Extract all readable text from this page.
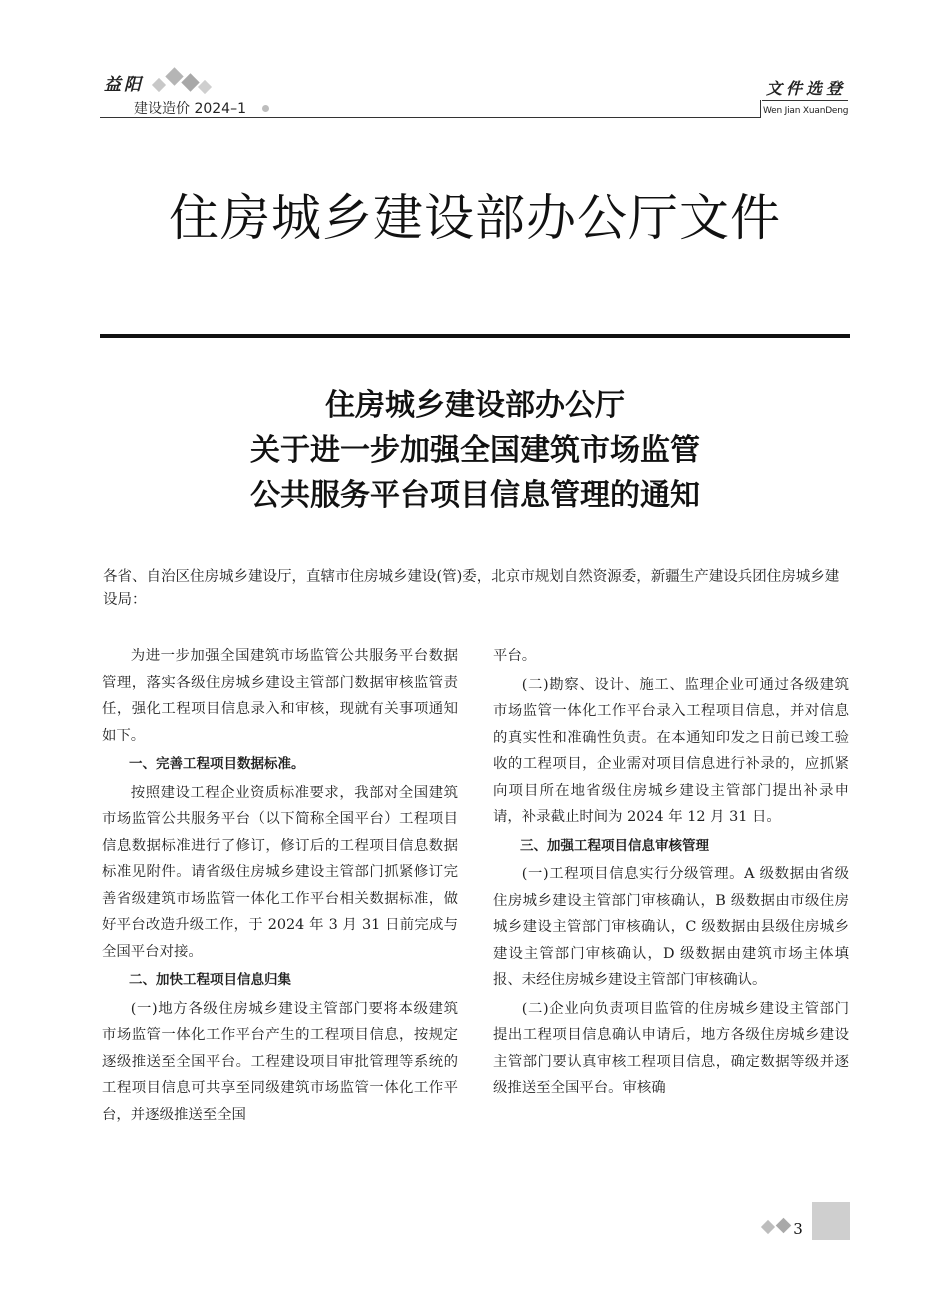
益阳
建设造价 2024–1
文件选登
Wen Jian XuanDeng
住房城乡建设部办公厅文件
住房城乡建设部办公厅
关于进一步加强全国建筑市场监管
公共服务平台项目信息管理的通知
各省、自治区住房城乡建设厅，直辖市住房城乡建设(管)委，北京市规划自然资源委，新疆生产建设兵团住房城乡建设局：

为进一步加强全国建筑市场监管公共服务平台数据管理，落实各级住房城乡建设主管部门数据审核监管责任，强化工程项目信息录入和审核，现就有关事项通知如下。

一、完善工程项目数据标准。

按照建设工程企业资质标准要求，我部对全国建筑市场监管公共服务平台（以下简称全国平台）工程项目信息数据标准进行了修订，修订后的工程项目信息数据标准见附件。请省级住房城乡建设主管部门抓紧修订完善省级建筑市场监管一体化工作平台相关数据标准，做好平台改造升级工作，于 2024 年 3 月 31 日前完成与全国平台对接。

二、加快工程项目信息归集

(一)地方各级住房城乡建设主管部门要将本级建筑市场监管一体化工作平台产生的工程项目信息，按规定逐级推送至全国平台。工程建设项目审批管理等系统的工程项目信息可共享至同级建筑市场监管一体化工作平台，并逐级推送至全国

平台。

(二)勘察、设计、施工、监理企业可通过各级建筑市场监管一体化工作平台录入工程项目信息，并对信息的真实性和准确性负责。在本通知印发之日前已竣工验收的工程项目，企业需对项目信息进行补录的，应抓紧向项目所在地省级住房城乡建设主管部门提出补录申请，补录截止时间为 2024 年 12 月 31 日。

三、加强工程项目信息审核管理

(一)工程项目信息实行分级管理。A 级数据由省级住房城乡建设主管部门审核确认，B 级数据由市级住房城乡建设主管部门审核确认，C 级数据由县级住房城乡建设主管部门审核确认，D 级数据由建筑市场主体填报、未经住房城乡建设主管部门审核确认。

(二)企业向负责项目监管的住房城乡建设主管部门提出工程项目信息确认申请后，地方各级住房城乡建设主管部门要认真审核工程项目信息，确定数据等级并逐级推送至全国平台。审核确

3
